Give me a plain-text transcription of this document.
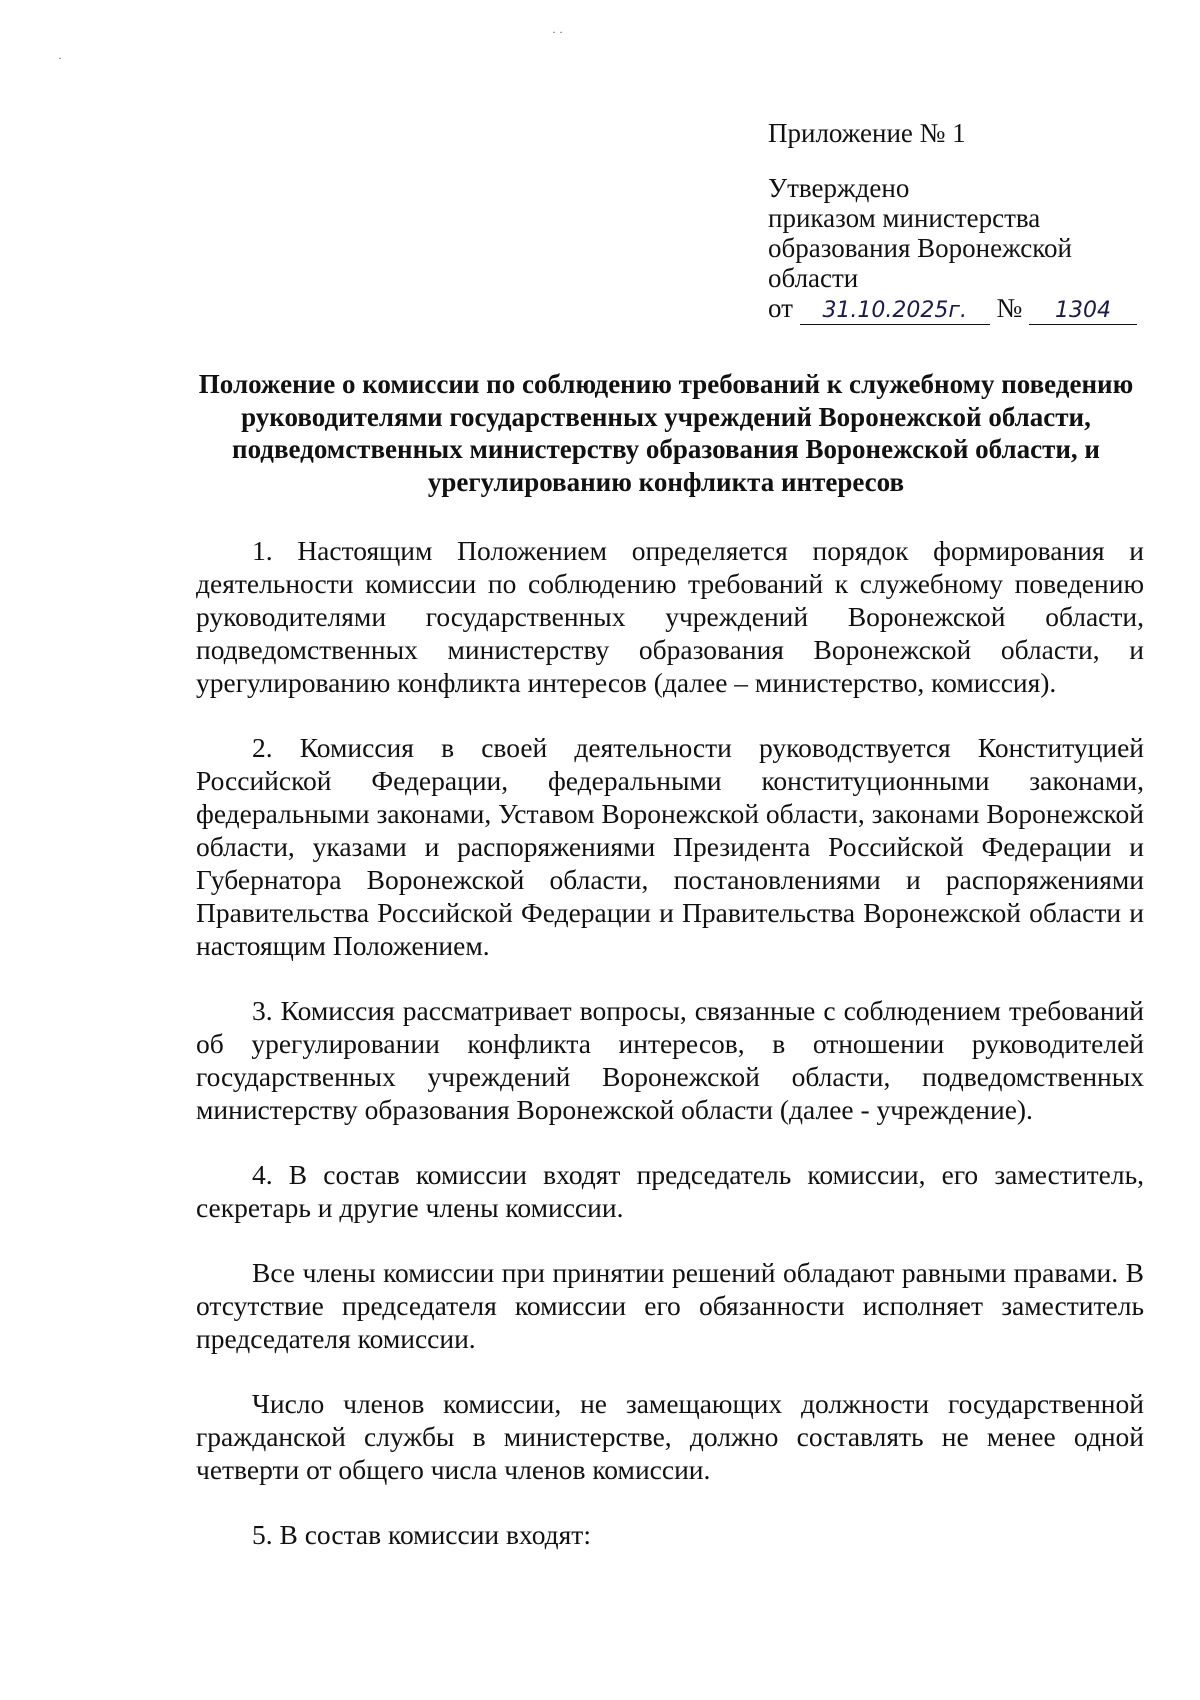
· ·
·

Приложение № 1

Утверждено

приказом министерства

образования Воронежской

области

от 31.10.2025г. № 1304

Положение о комиссии по соблюдению требований к служебному поведению руководителями государственных учреждений Воронежской области, подведомственных министерству образования Воронежской области, и урегулированию конфликта интересов

1. Настоящим Положением определяется порядок формирования и деятельности комиссии по соблюдению требований к служебному поведению руководителями государственных учреждений Воронежской области, подведомственных министерству образования Воронежской области, и урегулированию конфликта интересов (далее – министерство, комиссия).

2. Комиссия в своей деятельности руководствуется Конституцией Российской Федерации, федеральными конституционными законами, федеральными законами, Уставом Воронежской области, законами Воронежской области, указами и распоряжениями Президента Российской Федерации и Губернатора Воронежской области, постановлениями и распоряжениями Правительства Российской Федерации и Правительства Воронежской области и настоящим Положением.

3. Комиссия рассматривает вопросы, связанные с соблюдением требований об урегулировании конфликта интересов, в отношении руководителей государственных учреждений Воронежской области, подведомственных министерству образования Воронежской области (далее - учреждение).

4. В состав комиссии входят председатель комиссии, его заместитель, секретарь и другие члены комиссии.

Все члены комиссии при принятии решений обладают равными правами. В отсутствие председателя комиссии его обязанности исполняет заместитель председателя комиссии.

Число членов комиссии, не замещающих должности государственной гражданской службы в министерстве, должно составлять не менее одной четверти от общего числа членов комиссии.

5. В состав комиссии входят:
